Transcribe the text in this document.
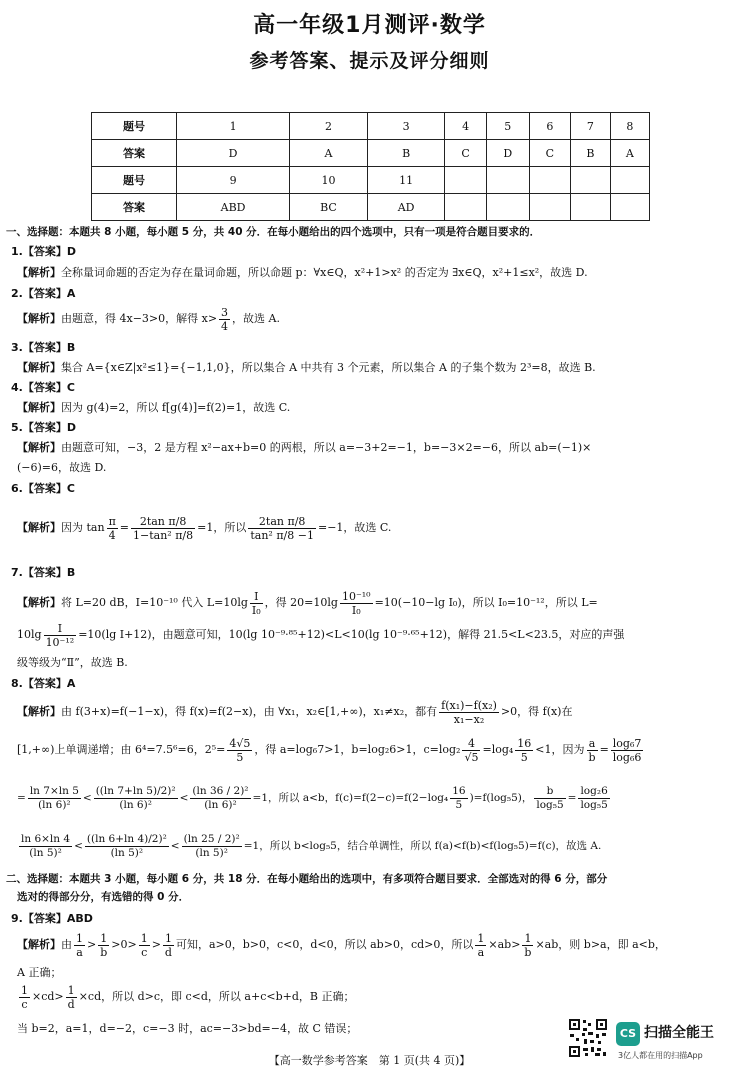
高一年级1月测评·数学
参考答案、提示及评分细则
题号	1	2	3	4	5	6	7	8
答案	D	A	B	C	D	C	B	A
题号	9	10	11					
答案	ABD	BC	AD					
一、选择题：本题共 8 小题，每小题 5 分，共 40 分．在每小题给出的四个选项中，只有一项是符合题目要求的．
1.【答案】D
【解析】全称量词命题的否定为存在量词命题，所以命题 p：∀x∈Q，x²+1>x² 的否定为 ∃x∈Q，x²+1≤x²，故选 D.
2.【答案】A
【解析】由题意，得 4x−3>0，解得 $x> \frac{3}{4}$ ，故选 A.
3.【答案】B
【解析】集合 A={x∈Z|x²≤1}={−1,1,0}，所以集合 A 中共有 3 个元素，所以集合 A 的子集个数为 2³=8，故选 B.
4.【答案】C
【解析】因为 g(4)=2，所以 f[g(4)]=f(2)=1，故选 C.
5.【答案】D
【解析】由题意可知，−3，2 是方程 x²−ax+b=0 的两根，所以 a=−3+2=−1，b=−3×2=−6，所以 ab=(−1)×
(−6)=6，故选 D.
6.【答案】C
【解析】因为 $\tan \frac{\pi}{4} = \frac{\text{2tan π/8}}{\text{1−tan² π/8}} =1$，所以 $\frac{\text{2tan π/8}}{\text{tan² π/8 −1}} =-1$，故选 C.
7.【答案】B
【解析】将 L=20 dB，I=10⁻¹⁰ 代入 $L=10\lg \frac{I}{\text{I₀}}$ ，得 $20=10\lg \frac{\text{10⁻¹⁰}}{\text{I₀}} =10(-10-\lg$ I₀)，所以 I₀=10⁻¹²，所以 L=
$10\lg \frac{I}{\text{10⁻¹²}} =10(\lg$ I+12)，由题意可知，10(lg 10⁻⁹·⁸⁵+12)<L<10(lg 10⁻⁹·⁶⁵+12)，解得 21.5<L<23.5，对应的声强
级等级为“Ⅱ”，故选 B.
8.【答案】A
【解析】由 f(3+x)=f(−1−x)，得 f(x)=f(2−x)，由 ∀x₁，x₂∈[1,+∞)，x₁≠x₂，都有 $\frac{\text{f(x₁)−f(x₂)}}{\text{x₁−x₂}} >0$，得 f(x)在
[1,+∞)上单调递增；由 6⁴=7.5⁶=6，$2^5= \frac{4√5}{5}$ ，得 a=log₆7>1，b=log₂6>1，$c=\log_2 \frac{4}{√5} =\log_4 \frac{16}{5} <1$，因为 $\frac{a}{b} = \frac{\text{log₆7}}{\text{log₆6}}$
= $\frac{\ln 7\times\ln 5}{\text{(ln 6)²}} < \frac{\text{((ln 7+ln 5)/2)²}}{\text{(ln 6)²}} < \frac{\text{(ln 36 / 2)²}}{\text{(ln 6)²}} =1$，所以 a<b，$f(c)=f(2-c)=f(2-\log_4 \frac{16}{5} )=f(\log_55)$， $\frac{b}{\text{log₅5}} = \frac{\text{log₂6}}{\text{log₅5}}$
$\frac{\ln 6\times\ln 4}{\text{(ln 5)²}} < \frac{\text{((ln 6+ln 4)/2)²}}{\text{(ln 5)²}} < \frac{\text{(ln 25 / 2)²}}{\text{(ln 5)²}} =1$，所以 b<log₅5，结合单调性，所以 f(a)<f(b)<f(log₅5)=f(c)，故选 A.
二、选择题：本题共 3 小题，每小题 6 分，共 18 分．在每小题给出的选项中，有多项符合题目要求．全部选对的得 6 分，部分
选对的得部分分，有选错的得 0 分．
9.【答案】ABD
【解析】由 $\frac{1}{a} > \frac{1}{b} >0> \frac{1}{c} > \frac{1}{d}$ 可知，a>0，b>0，c<0，d<0，所以 ab>0，cd>0，所以 $\frac{1}{a} \times ab> \frac{1}{b} \times ab$，则 b>a，即 a<b，
A 正确；
$\frac{1}{c} \times cd> \frac{1}{d} \times cd$，所以 d>c，即 c<d，所以 a+c<b+d，B 正确；
当 b=2，a=1，d=−2，c=−3 时，ac=−3>bd=−4，故 C 错误；
【高一数学参考答案　第 1 页(共 4 页)】
CS 扫描全能王
3亿人都在用的扫描App
